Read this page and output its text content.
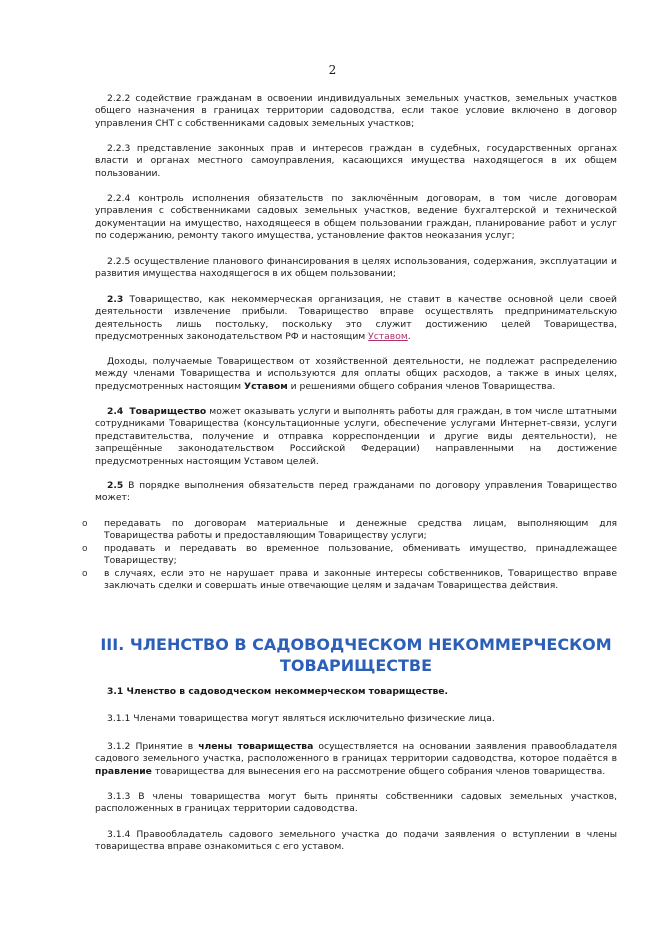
2

2.2.2 содействие гражданам в освоении индивидуальных земельных участков, земельных участков общего назначения в границах территории садоводства, если такое условие включено в договор управления СНТ с собственниками садовых земельных участков;

2.2.3 представление законных прав и интересов граждан в судебных, государственных органах власти и органах местного самоуправления, касающихся имущества находящегося в их общем пользовании.

2.2.4 контроль исполнения обязательств по заключённым договорам, в том числе договорам управления с собственниками садовых земельных участков, ведение бухгалтерской и технической документации на имущество, находящееся в общем пользовании граждан, планирование работ и услуг по содержанию, ремонту такого имущества, установление фактов неоказания услуг;

2.2.5 осуществление планового финансирования в целях использования, содержания, эксплуатации и развития имущества находящегося в их общем пользовании;

2.3 Товарищество, как некоммерческая организация, не ставит в качестве основной цели своей деятельности извлечение прибыли. Товарищество вправе осуществлять предпринимательскую деятельность лишь постольку, поскольку это служит достижению целей Товарищества, предусмотренных законодательством РФ и настоящим Уставом.

Доходы, получаемые Товариществом от хозяйственной деятельности, не подлежат распределению между членами Товарищества и используются для оплаты общих расходов, а также в иных целях, предусмотренных настоящим Уставом и решениями общего собрания членов Товарищества.

2.4 Товарищество может оказывать услуги и выполнять работы для граждан, в том числе штатными сотрудниками Товарищества (консультационные услуги, обеспечение услугами Интернет-связи, услуги представительства, получение и отправка корреспонденции и другие виды деятельности), не запрещённые законодательством Российской Федерации) направленными на достижение предусмотренных настоящим Уставом целей.

2.5 В порядке выполнения обязательств перед гражданами по договору управления Товарищество может:

o передавать по договорам материальные и денежные средства лицам, выполняющим для Товарищества работы и предоставляющим Товариществу услуги;

o продавать и передавать во временное пользование, обменивать имущество, принадлежащее Товариществу;

o в случаях, если это не нарушает права и законные интересы собственников, Товарищество вправе заключать сделки и совершать иные отвечающие целям и задачам Товарищества действия.

III. ЧЛЕНСТВО В САДОВОДЧЕСКОМ НЕКОММЕРЧЕСКОМ ТОВАРИЩЕСТВЕ

3.1 Членство в садоводческом некоммерческом товариществе.

3.1.1 Членами товарищества могут являться исключительно физические лица.

3.1.2 Принятие в члены товарищества осуществляется на основании заявления правообладателя садового земельного участка, расположенного в границах территории садоводства, которое подаётся в правление товарищества для вынесения его на рассмотрение общего собрания членов товарищества.

3.1.3 В члены товарищества могут быть приняты собственники садовых земельных участков, расположенных в границах территории садоводства.

3.1.4 Правообладатель садового земельного участка до подачи заявления о вступлении в члены товарищества вправе ознакомиться с его уставом.
